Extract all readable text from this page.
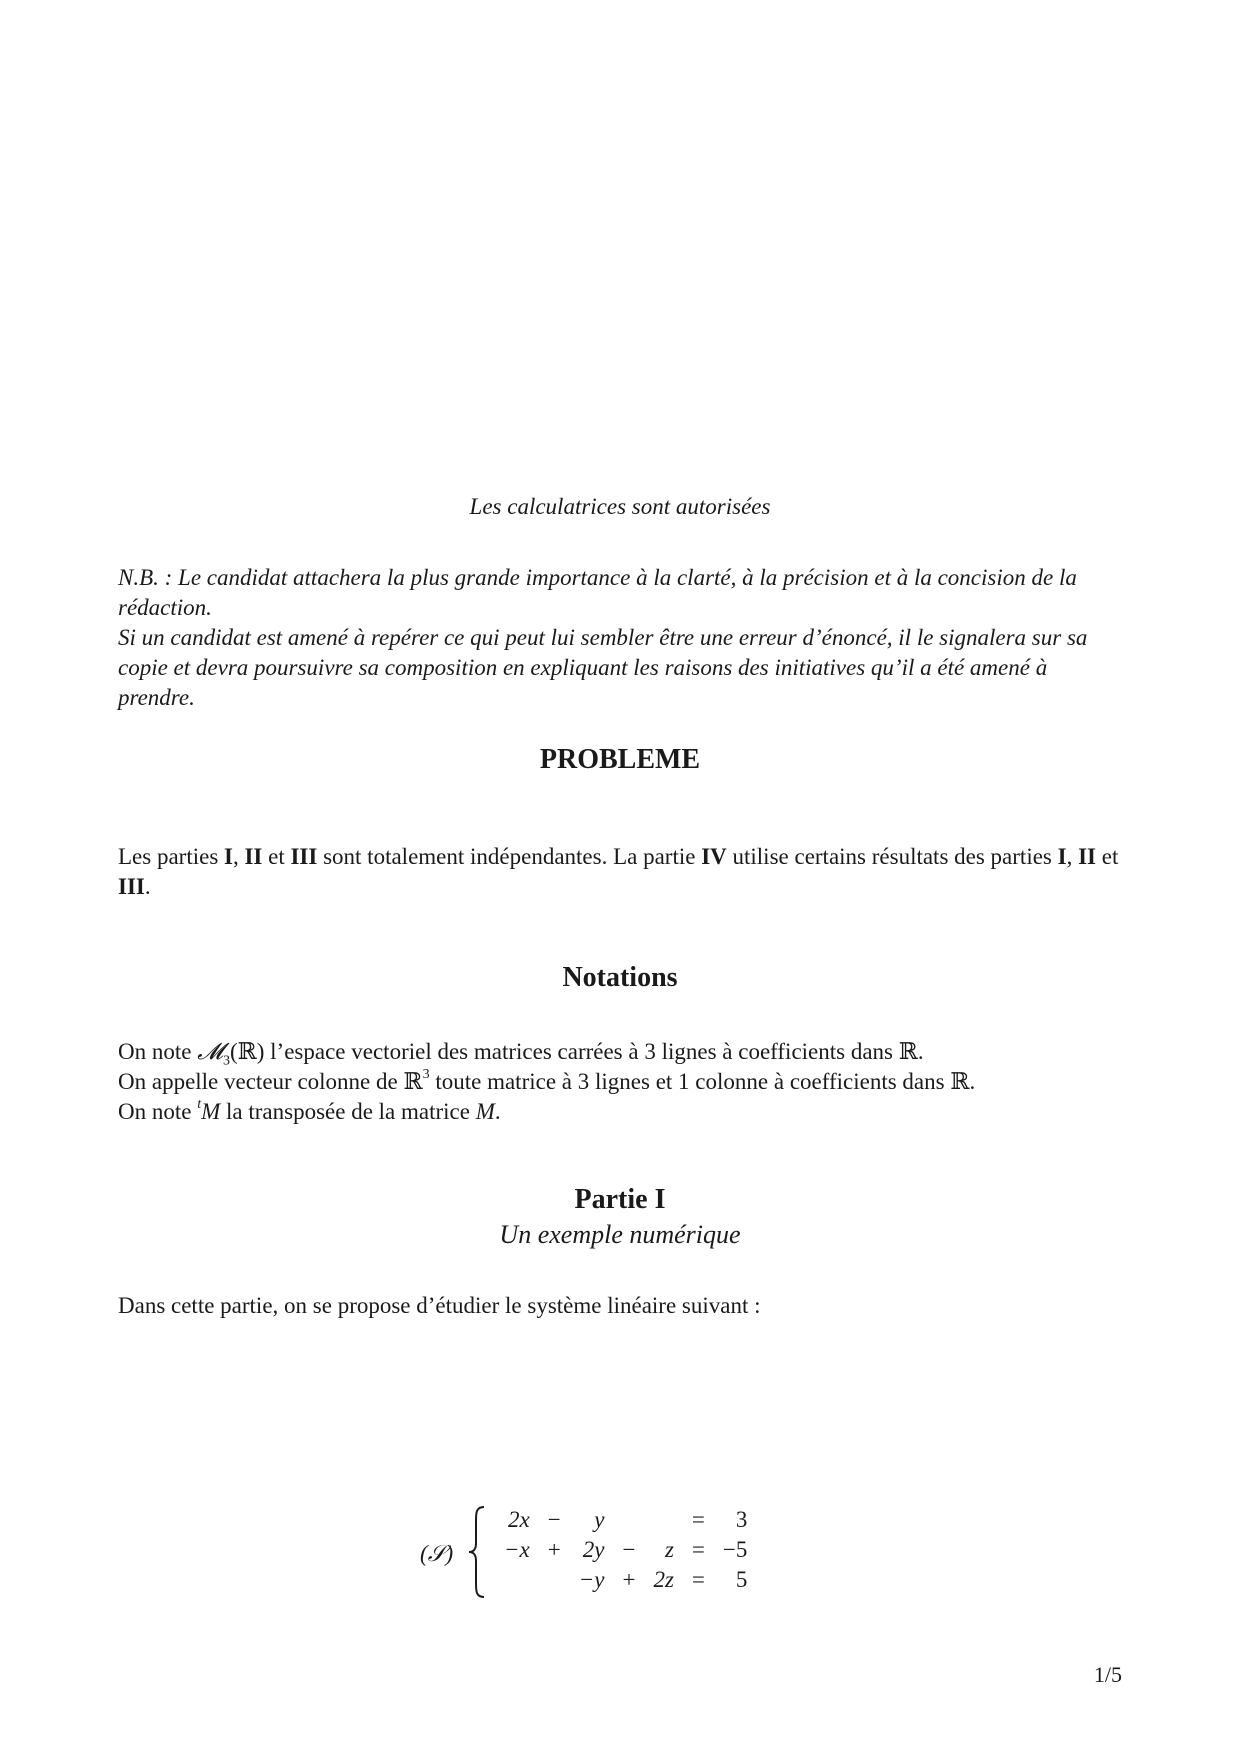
Les calculatrices sont autorisées
N.B. : Le candidat attachera la plus grande importance à la clarté, à la précision et à la concision de la rédaction.
Si un candidat est amené à repérer ce qui peut lui sembler être une erreur d’énoncé, il le signalera sur sa copie et devra poursuivre sa composition en expliquant les raisons des initiatives qu’il a été amené à prendre.
PROBLEME
Les parties I, II et III sont totalement indépendantes. La partie IV utilise certains résultats des parties I, II et III.
Notations
On note 𝓜$_3$(ℝ) l’espace vectoriel des matrices carrées à 3 lignes à coefficients dans ℝ.
On appelle vecteur colonne de ℝ$^3$ toute matrice à 3 lignes et 1 colonne à coefficients dans ℝ.
On note $^t$M la transposée de la matrice M.
Partie I
Un exemple numérique
Dans cette partie, on se propose d’étudier le système linéaire suivant :
(𝒮)
2x	−	y			=	3
−x	+	2y	−	z	=	−5
		−y	+	2z	=	5
1/5
